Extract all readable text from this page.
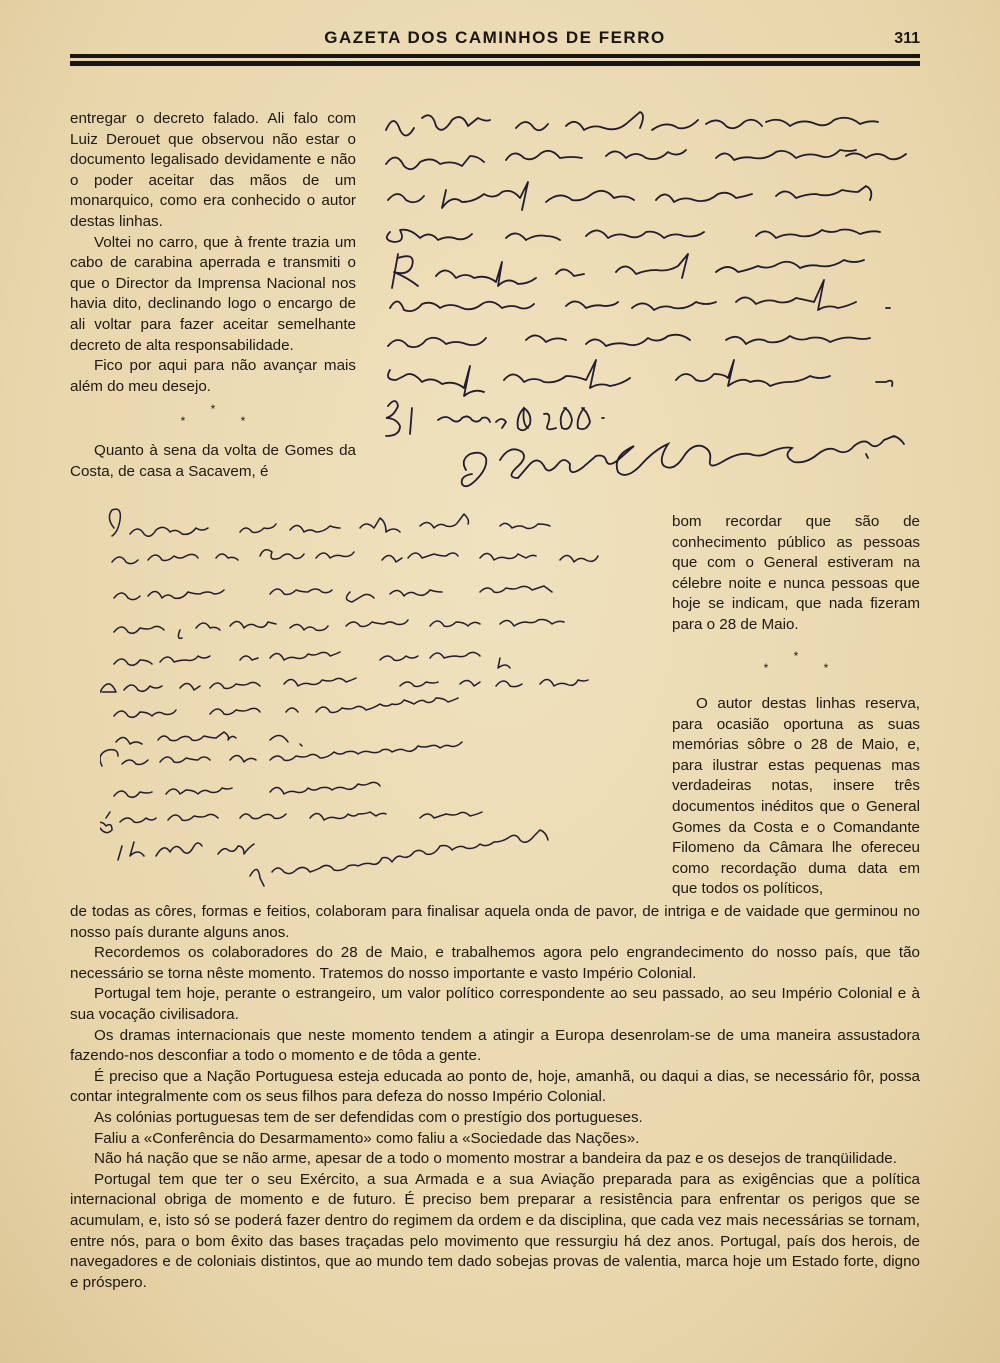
GAZETA DOS CAMINHOS DE FERRO	311

entregar o decreto falado. Ali falo com Luiz Derouet que observou não estar o documento legalisado devidamente e não o poder aceitar das mãos de um monarquico, como era conhecido o autor destas linhas.

Voltei no carro, que à frente trazia um cabo de carabina aperrada e transmiti o que o Director da Imprensa Nacional nos havia dito, declinando logo o encargo de ali voltar para fazer aceitar semelhante decreto de alta responsabilidade.

Fico por aqui para não avançar mais além do meu desejo.

*
* *

Quanto à sena da volta de Gomes da Costa, de casa a Sacavem, é

bom recordar que são de conhecimento público as pessoas que com o General estiveram na célebre noite e nunca pessoas que hoje se indicam, que nada fizeram para o 28 de Maio.

*
* *

O autor destas linhas reserva, para ocasião oportuna as suas memórias sôbre o 28 de Maio, e, para ilustrar estas pequenas mas verdadeiras notas, insere três documentos inéditos que o General Gomes da Costa e o Comandante Filomeno da Câmara lhe ofereceu como recordação duma data em que todos os políticos,

de todas as côres, formas e feitios, colaboram para finalisar aquela onda de pavor, de intriga e de vaidade que germinou no nosso país durante alguns anos.

Recordemos os colaboradores do 28 de Maio, e trabalhemos agora pelo engrandecimento do nosso país, que tão necessário se torna nêste momento. Tratemos do nosso importante e vasto Império Colonial.

Portugal tem hoje, perante o estrangeiro, um valor político correspondente ao seu passado, ao seu Império Colonial e à sua vocação civilisadora.

Os dramas internacionais que neste momento tendem a atingir a Europa desenrolam-se de uma maneira assustadora fazendo-nos desconfiar a todo o momento e de tôda a gente.

É preciso que a Nação Portuguesa esteja educada ao ponto de, hoje, amanhã, ou daqui a dias, se necessário fôr, possa contar integralmente com os seus filhos para defeza do nosso Império Colonial.

As colónias portuguesas tem de ser defendidas com o prestígio dos portugueses.

Faliu a «Conferência do Desarmamento» como faliu a «Sociedade das Nações».

Não há nação que se não arme, apesar de a todo o momento mostrar a bandeira da paz e os desejos de tranqüilidade.

Portugal tem que ter o seu Exército, a sua Armada e a sua Aviação preparada para as exigências que a política internacional obriga de momento e de futuro. É preciso bem preparar a resistência para enfrentar os perigos que se acumulam, e, isto só se poderá fazer dentro do regimem da ordem e da disciplina, que cada vez mais necessárias se tornam, entre nós, para o bom êxito das bases traçadas pelo movimento que ressurgiu há dez anos. Portugal, país dos herois, de navegadores e de coloniais distintos, que ao mundo tem dado sobejas provas de valentia, marca hoje um Estado forte, digno e próspero.
